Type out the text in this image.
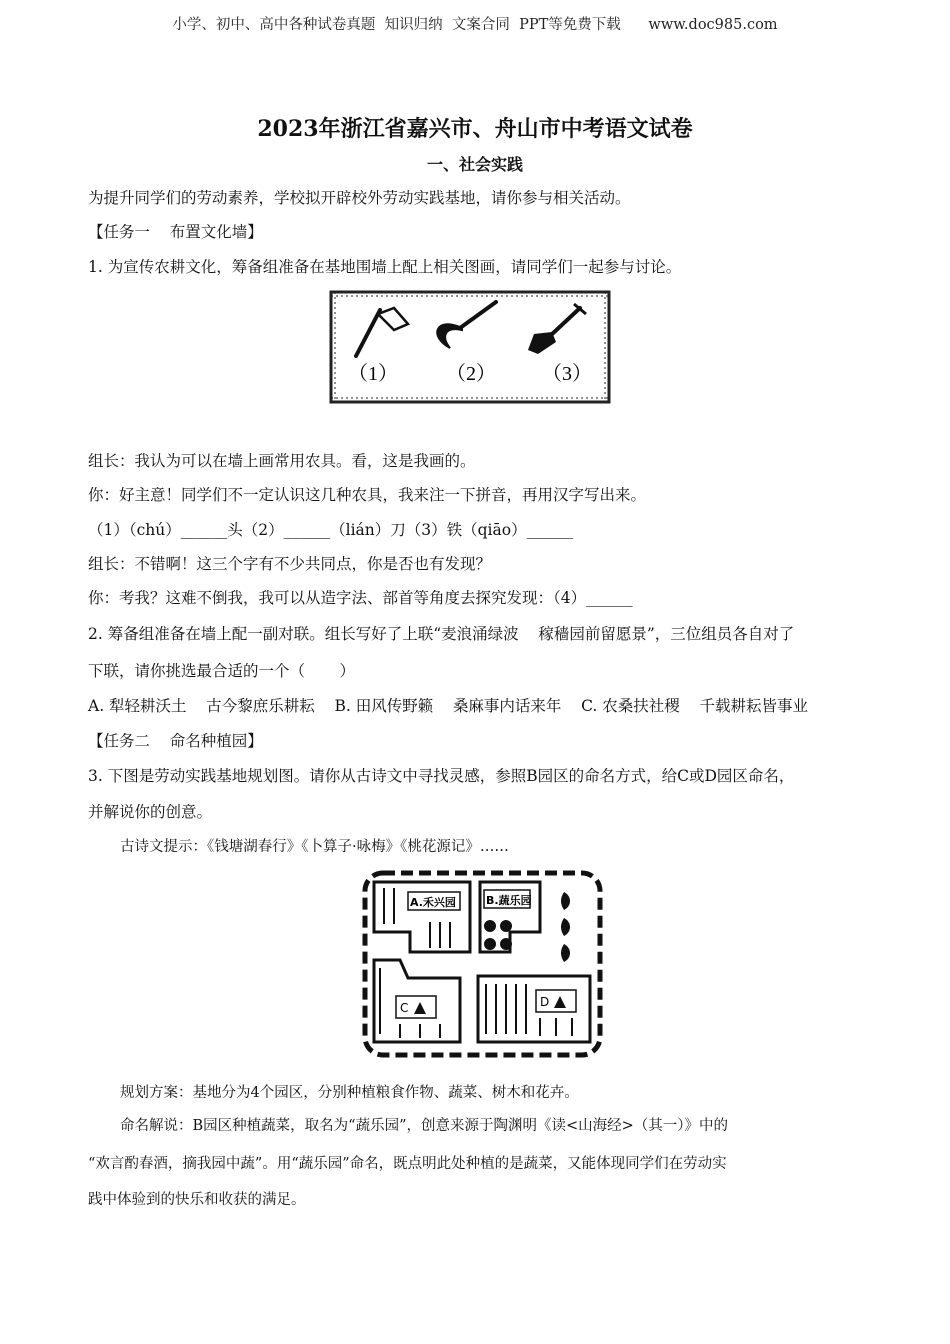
小学、初中、高中各种试卷真题  知识归纳  文案合同  PPT等免费下载      www.doc985.com
2023年浙江省嘉兴市、舟山市中考语文试卷
一、社会实践
为提升同学们的劳动素养，学校拟开辟校外劳动实践基地，请你参与相关活动。
【任务一    布置文化墙】
1. 为宣传农耕文化，筹备组准备在基地围墙上配上相关图画，请同学们一起参与讨论。
（1） （2） （3）
组长：我认为可以在墙上画常用农具。看，这是我画的。
你：好主意！同学们不一定认识这几种农具，我来注一下拼音，再用汉字写出来。
（1）（chú）______头（2）______（lián）刀（3）铁（qiāo）______
组长：不错啊！这三个字有不少共同点，你是否也有发现？
你：考我？这难不倒我，我可以从造字法、部首等角度去探究发现：（4）______
2. 筹备组准备在墙上配一副对联。组长写好了上联“麦浪涌绿波    稼穑园前留愿景”，三位组员各自对了
下联，请你挑选最合适的一个（       ）
A. 犁轻耕沃土    古今黎庶乐耕耘    B. 田风传野籁    桑麻事内话来年    C. 农桑扶社稷    千载耕耘皆事业
【任务二    命名种植园】
3. 下图是劳动实践基地规划图。请你从古诗文中寻找灵感，参照B园区的命名方式，给C或D园区命名，
并解说你的创意。
古诗文提示：《钱塘湖春行》《卜算子·咏梅》《桃花源记》……
A.禾兴园	B.蔬乐园
C	D
规划方案：基地分为4个园区，分别种植粮食作物、蔬菜、树木和花卉。
命名解说：B园区种植蔬菜，取名为“蔬乐园”，创意来源于陶渊明《读<山海经>（其一）》中的
“欢言酌春酒，摘我园中蔬”。用“蔬乐园”命名，既点明此处种植的是蔬菜，又能体现同学们在劳动实
践中体验到的快乐和收获的满足。
